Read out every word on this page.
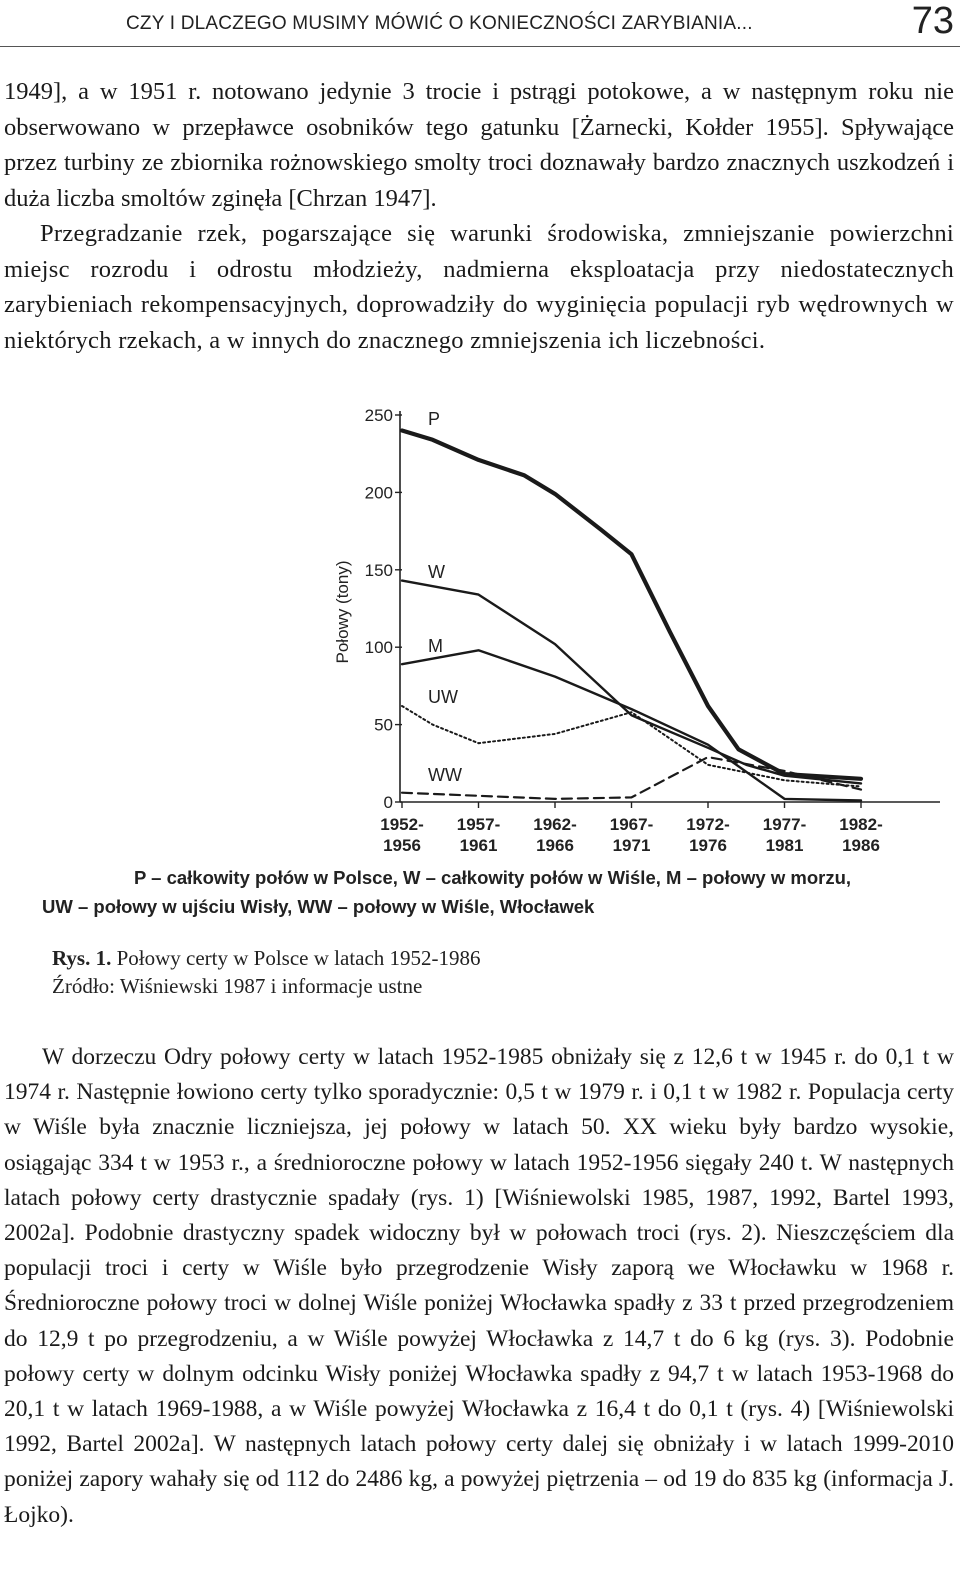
CZY I DLACZEGO MUSIMY MÓWIĆ O KONIECZNOŚCI ZARYBIANIA...	73

1949], a w 1951 r. notowano jedynie 3 trocie i pstrągi potokowe, a w następnym roku nie obserwowano w przepławce osobników tego gatunku [Żarnecki, Kołder 1955]. Spływające przez turbiny ze zbiornika rożnowskiego smolty troci doznawały bardzo znacznych uszkodzeń i duża liczba smoltów zginęła [Chrzan 1947].

Przegradzanie rzek, pogarszające się warunki środowiska, zmniejszanie powierzchni miejsc rozrodu i odrostu młodzieży, nadmierna eksploatacja przy niedostatecznych zarybieniach rekompensacyjnych, doprowadziły do wyginięcia populacji ryb wędrownych w niektórych rzekach, a w innych do znacznego zmniejszenia ich liczebności.

Połowy (tony)
0
50
100
150
200
250
1952-1956
1957-1961
1962-1966
1967-1971
1972-1976
1977-1981
1982-1986
P
W
M
UW
WW
P – całkowity połów w Polsce, W – całkowity połów w Wiśle, M – połowy w morzu,
UW – połowy w ujściu Wisły, WW – połowy w Wiśle, Włocławek
Rys. 1. Połowy certy w Polsce w latach 1952-1986
Źródło: Wiśniewski 1987 i informacje ustne

W dorzeczu Odry połowy certy w latach 1952-1985 obniżały się z 12,6 t w 1945 r. do 0,1 t w 1974 r. Następnie łowiono certy tylko sporadycznie: 0,5 t w 1979 r. i 0,1 t w 1982 r. Populacja certy w Wiśle była znacznie liczniejsza, jej połowy w latach 50. XX wieku były bardzo wysokie, osiągając 334 t w 1953 r., a średnioroczne połowy w latach 1952-1956 sięgały 240 t. W następnych latach połowy certy drastycznie spadały (rys. 1) [Wiśniewolski 1985, 1987, 1992, Bartel 1993, 2002a]. Podobnie drastyczny spadek widoczny był w połowach troci (rys. 2). Nieszczęściem dla populacji troci i certy w Wiśle było przegrodzenie Wisły zaporą we Włocławku w 1968 r. Średnioroczne połowy troci w dolnej Wiśle poniżej Włocławka spadły z 33 t przed przegrodzeniem do 12,9 t po przegrodzeniu, a w Wiśle powyżej Włocławka z 14,7 t do 6 kg (rys. 3). Podobnie połowy certy w dolnym odcinku Wisły poniżej Włocławka spadły z 94,7 t w latach 1953-1968 do 20,1 t w latach 1969-1988, a w Wiśle powyżej Włocławka z 16,4 t do 0,1 t (rys. 4) [Wiśniewolski 1992, Bartel 2002a]. W następnych latach połowy certy dalej się obniżały i w latach 1999-2010 poniżej zapory wahały się od 112 do 2486 kg, a powyżej piętrzenia – od 19 do 835 kg (informacja J. Łojko).
